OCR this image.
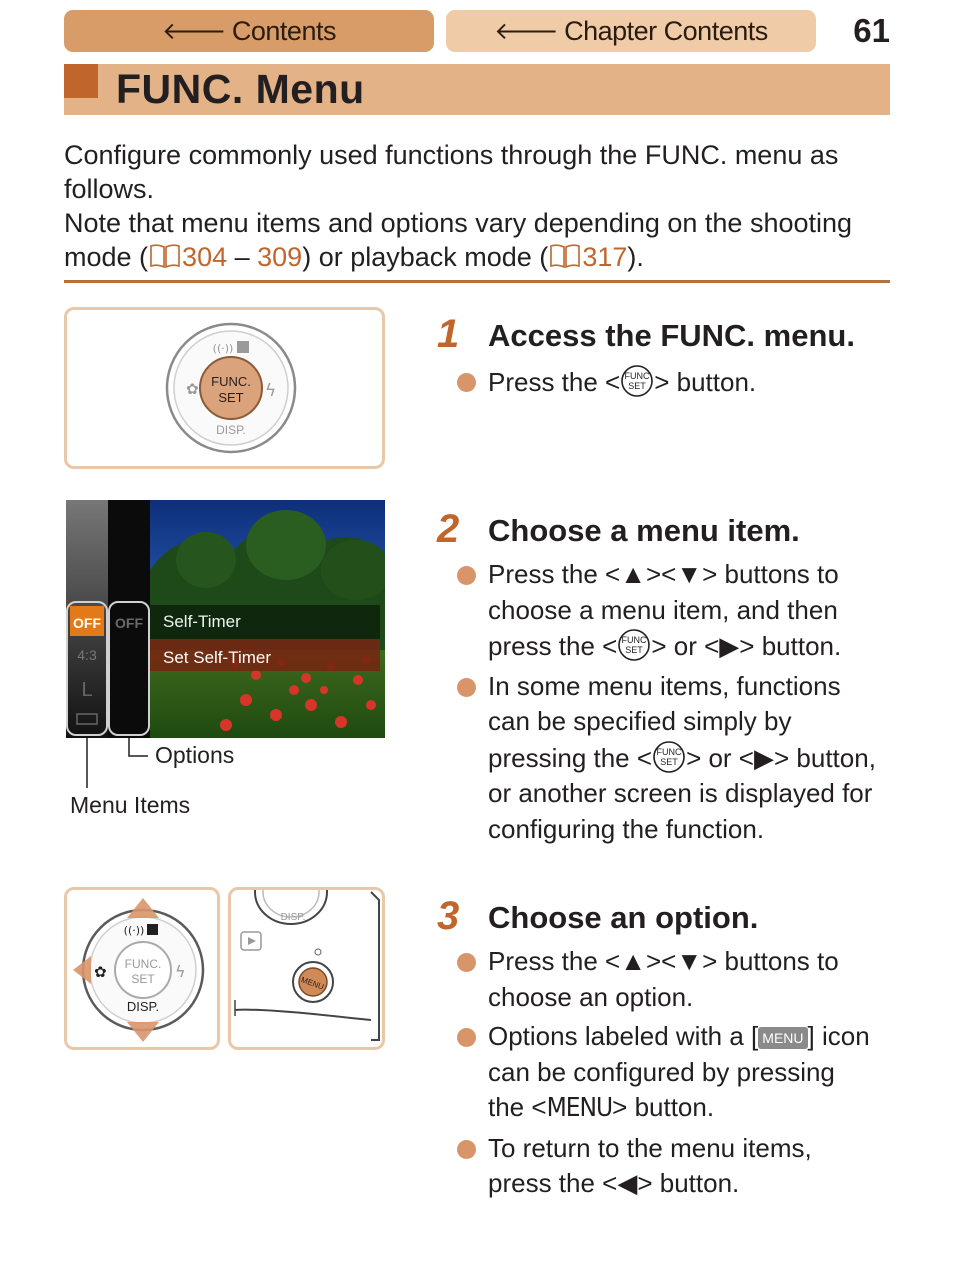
🡐 Contents	🡐 Chapter Contents	61
FUNC. Menu

Configure commonly used functions through the FUNC. menu as follows.

Note that menu items and options vary depending on the shooting mode ( 304 – 309) or playback mode ( 317).

FUNC.
SET
DISP.
((·))
✿	ϟ
Self-Timer
Set Self-Timer
OFF
4:3
L
OFF
Options
Menu Items
FUNC.
SET
DISP.
((·))
✿	ϟ
DISP.
MENU
1 Access the FUNC. menu.
Press the < FUNC
SET > button.
2 Choose a menu item.
Press the <▲><▼> buttons to choose a menu item, and then press the < FUNC
SET > or <▶> button.
In some menu items, functions can be specified simply by pressing the < FUNC
SET > or <▶> button, or another screen is displayed for configuring the function.
3 Choose an option.
Press the <▲><▼> buttons to choose an option.
Options labeled with a [ MENU ] icon can be configured by pressing the <MENU> button.
To return to the menu items, press the <◀> button.
